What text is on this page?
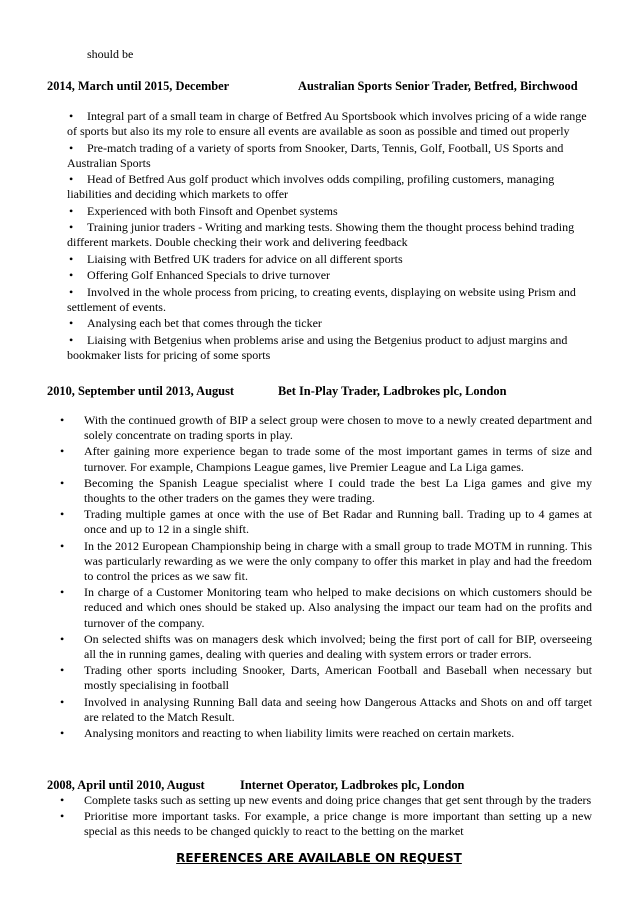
should be
2014, March until 2015, December	Australian Sports Senior Trader, Betfred, Birchwood
•	Integral part of a small team in charge of Betfred Au Sportsbook which involves pricing of a wide range of sports but also its my role to ensure all events are available as soon as possible and timed out properly
•	Pre-match trading of a variety of sports from Snooker, Darts, Tennis, Golf, Football, US Sports and Australian Sports
•	Head of Betfred Aus golf product which involves odds compiling, profiling customers, managing liabilities and deciding which markets to offer
•	Experienced with both Finsoft and Openbet systems
•	Training junior traders - Writing and marking tests. Showing them the thought process behind trading different markets. Double checking their work and delivering feedback
•	Liaising with Betfred UK traders for advice on all different sports
•	Offering Golf Enhanced Specials to drive turnover
•	Involved in the whole process from pricing, to creating events, displaying on website using Prism and settlement of events.
•	Analysing each bet that comes through the ticker
•	Liaising with Betgenius when problems arise and using the Betgenius product to adjust margins and bookmaker lists for pricing of some sports
2010, September until 2013, August	Bet In-Play Trader, Ladbrokes plc, London
• With the continued growth of BIP a select group were chosen to move to a newly created department and solely concentrate on trading sports in play.
• After gaining more experience began to trade some of the most important games in terms of size and turnover. For example, Champions League games, live Premier League and La Liga games.
• Becoming the Spanish League specialist where I could trade the best La Liga games and give my thoughts to the other traders on the games they were trading.
• Trading multiple games at once with the use of Bet Radar and Running ball. Trading up to 4 games at once and up to 12 in a single shift.
• In the 2012 European Championship being in charge with a small group to trade MOTM in running. This was particularly rewarding as we were the only company to offer this market in play and had the freedom to control the prices as we saw fit.
• In charge of a Customer Monitoring team who helped to make decisions on which customers should be reduced and which ones should be staked up. Also analysing the impact our team had on the profits and turnover of the company.
• On selected shifts was on managers desk which involved; being the first port of call for BIP, overseeing all the in running games, dealing with queries and dealing with system errors or trader errors.
• Trading other sports including Snooker, Darts, American Football and Baseball when necessary but mostly specialising in football
• Involved in analysing Running Ball data and seeing how Dangerous Attacks and Shots on and off target are related to the Match Result.
• Analysing monitors and reacting to when liability limits were reached on certain markets.
2008, April until 2010, August	Internet Operator, Ladbrokes plc, London
• Complete tasks such as setting up new events and doing price changes that get sent through by the traders
• Prioritise more important tasks. For example, a price change is more important than setting up a new special as this needs to be changed quickly to react to the betting on the market
REFERENCES ARE AVAILABLE ON REQUEST
